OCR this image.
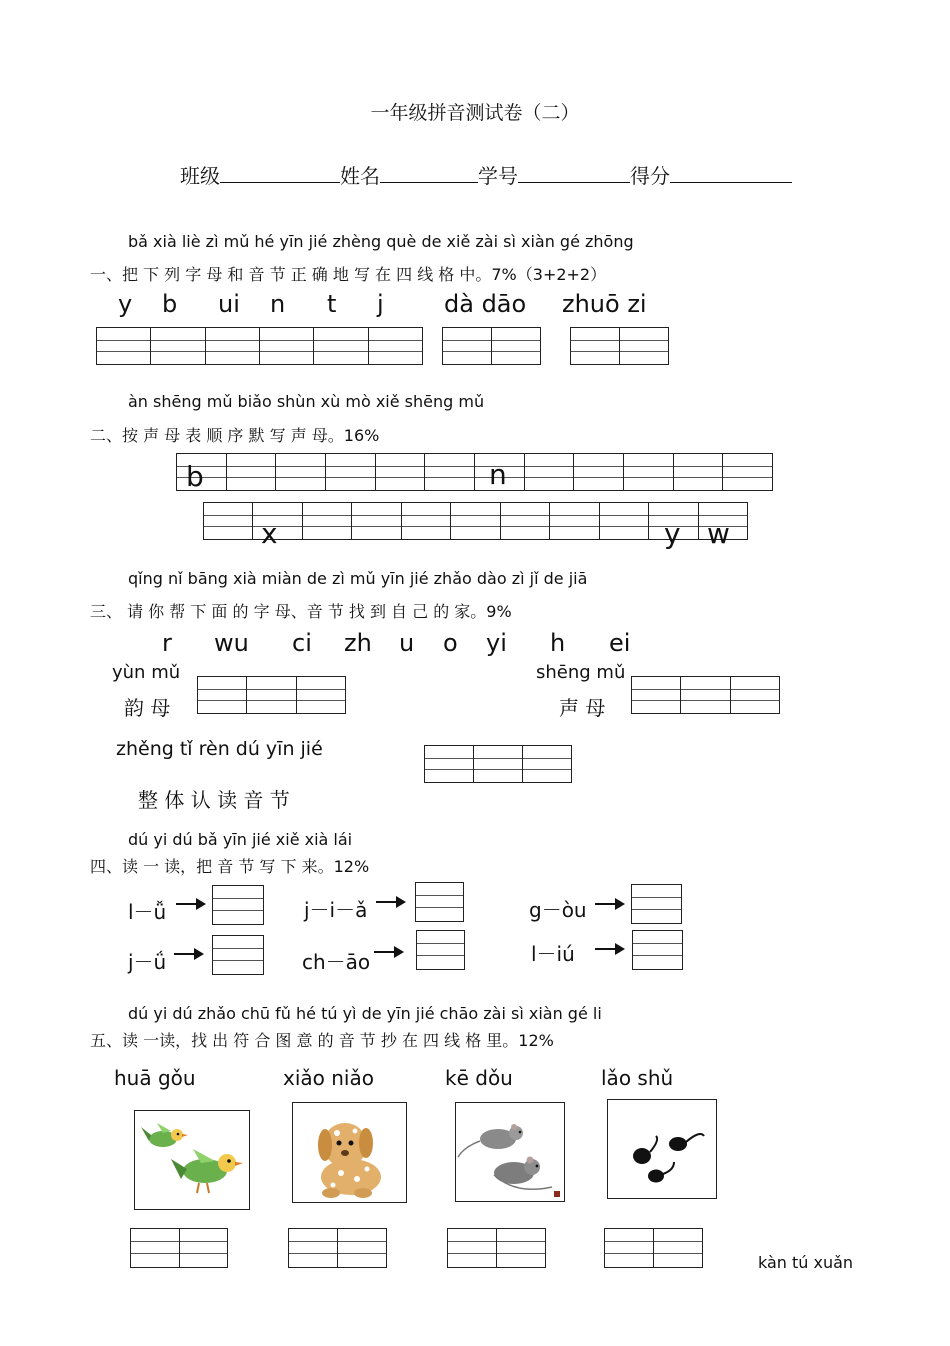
一年级拼音测试卷（二）
班级	姓名	学号	得分
bǎ xià liè zì mǔ hé yīn jié zhèng què de xiě zài sì xiàn gé zhōng
一、把 下 列 字 母 和 音 节 正 确 地 写 在 四 线 格 中。7%（3+2+2）
y b ui n t j	dà dāo zhuō zi
àn shēng mǔ biǎo shùn xù mò xiě shēng mǔ
二、按 声 母 表 顺 序 默 写 声 母。16%
b	n
x	y w
qǐng nǐ bāng xià miàn de zì mǔ yīn jié zhǎo dào zì jǐ de jiā
三、 请 你 帮 下 面 的 字 母、音 节 找 到 自 己 的 家。9%
r wu ci zh u o yi h ei
yùn mǔ
韵 母
shēng mǔ
声 母
zhěng tǐ rèn dú yīn jié
整 体 认 读 音 节
dú yi dú bǎ yīn jié xiě xià lái
四、读 一 读，把 音 节 写 下 来。12%
l－ǚ	j－i－ǎ	g－òu
j－ǘ	ch－āo	l－iú
dú yi dú zhǎo chū fǔ hé tú yì de yīn jié chāo zài sì xiàn gé li
五、读 一读，找 出 符 合 图 意 的 音 节 抄 在 四 线 格 里。12%
huā gǒu	xiǎo niǎo	kē dǒu	lǎo shǔ
kàn tú xuǎn
